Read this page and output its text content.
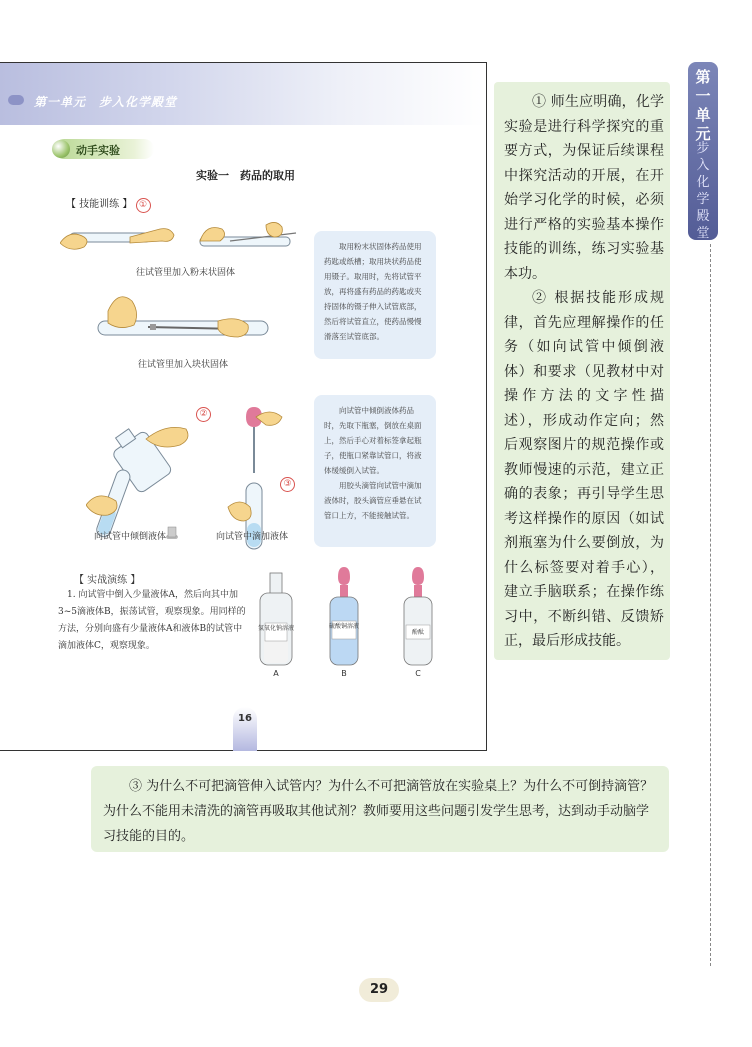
第一单元　步入化学殿堂
动手实验
实验一　药品的取用
【 技能训练 】 ①
往试管里加入粉末状固体
往试管里加入块状固体
取用粉末状固体药品使用药匙或纸槽；取用块状药品使用镊子。取用时，先将试管平放，再将盛有药品的药匙或夹持固体的镊子伸入试管底部，然后将试管直立，使药品慢慢滑落至试管底部。
②
③
向试管中倾倒液体	向试管中滴加液体
向试管中倾倒液体药品时，先取下瓶塞，倒放在桌面上，然后手心对着标签拿起瓶子，使瓶口紧靠试管口，将液体缓缓倒入试管。
用胶头滴管向试管中滴加液体时，胶头滴管应垂悬在试管口上方，不能接触试管。
【 实战演练 】
1. 向试管中倒入少量液体A，然后向其中加3~5滴液体B，振荡试管，观察现象。用同样的方法，分别向盛有少量液体A和液体B的试管中滴加液体C，观察现象。
氢氧化钠溶液
A
硫酸铜溶液
B
酚酞
C
16

① 师生应明确，化学实验是进行科学探究的重要方式，为保证后续课程中探究活动的开展，在开始学习化学的时候，必须进行严格的实验基本操作技能的训练，练习实验基本功。

② 根据技能形成规律，首先应理解操作的任务（如向试管中倾倒液体）和要求（见教材中对操作方法的文字性描述），形成动作定向；然后观察图片的规范操作或教师慢速的示范，建立正确的表象；再引导学生思考这样操作的原因（如试剂瓶塞为什么要倒放，为什么标签要对着手心），建立手脑联系；在操作练习中，不断纠错、反馈矫正，最后形成技能。

第
一
单
元
步
入
化
学
殿
堂
③ 为什么不可把滴管伸入试管内？为什么不可把滴管放在实验桌上？为什么不可倒持滴管？为什么不能用未清洗的滴管再吸取其他试剂？教师要用这些问题引发学生思考，达到动手动脑学习技能的目的。
29
